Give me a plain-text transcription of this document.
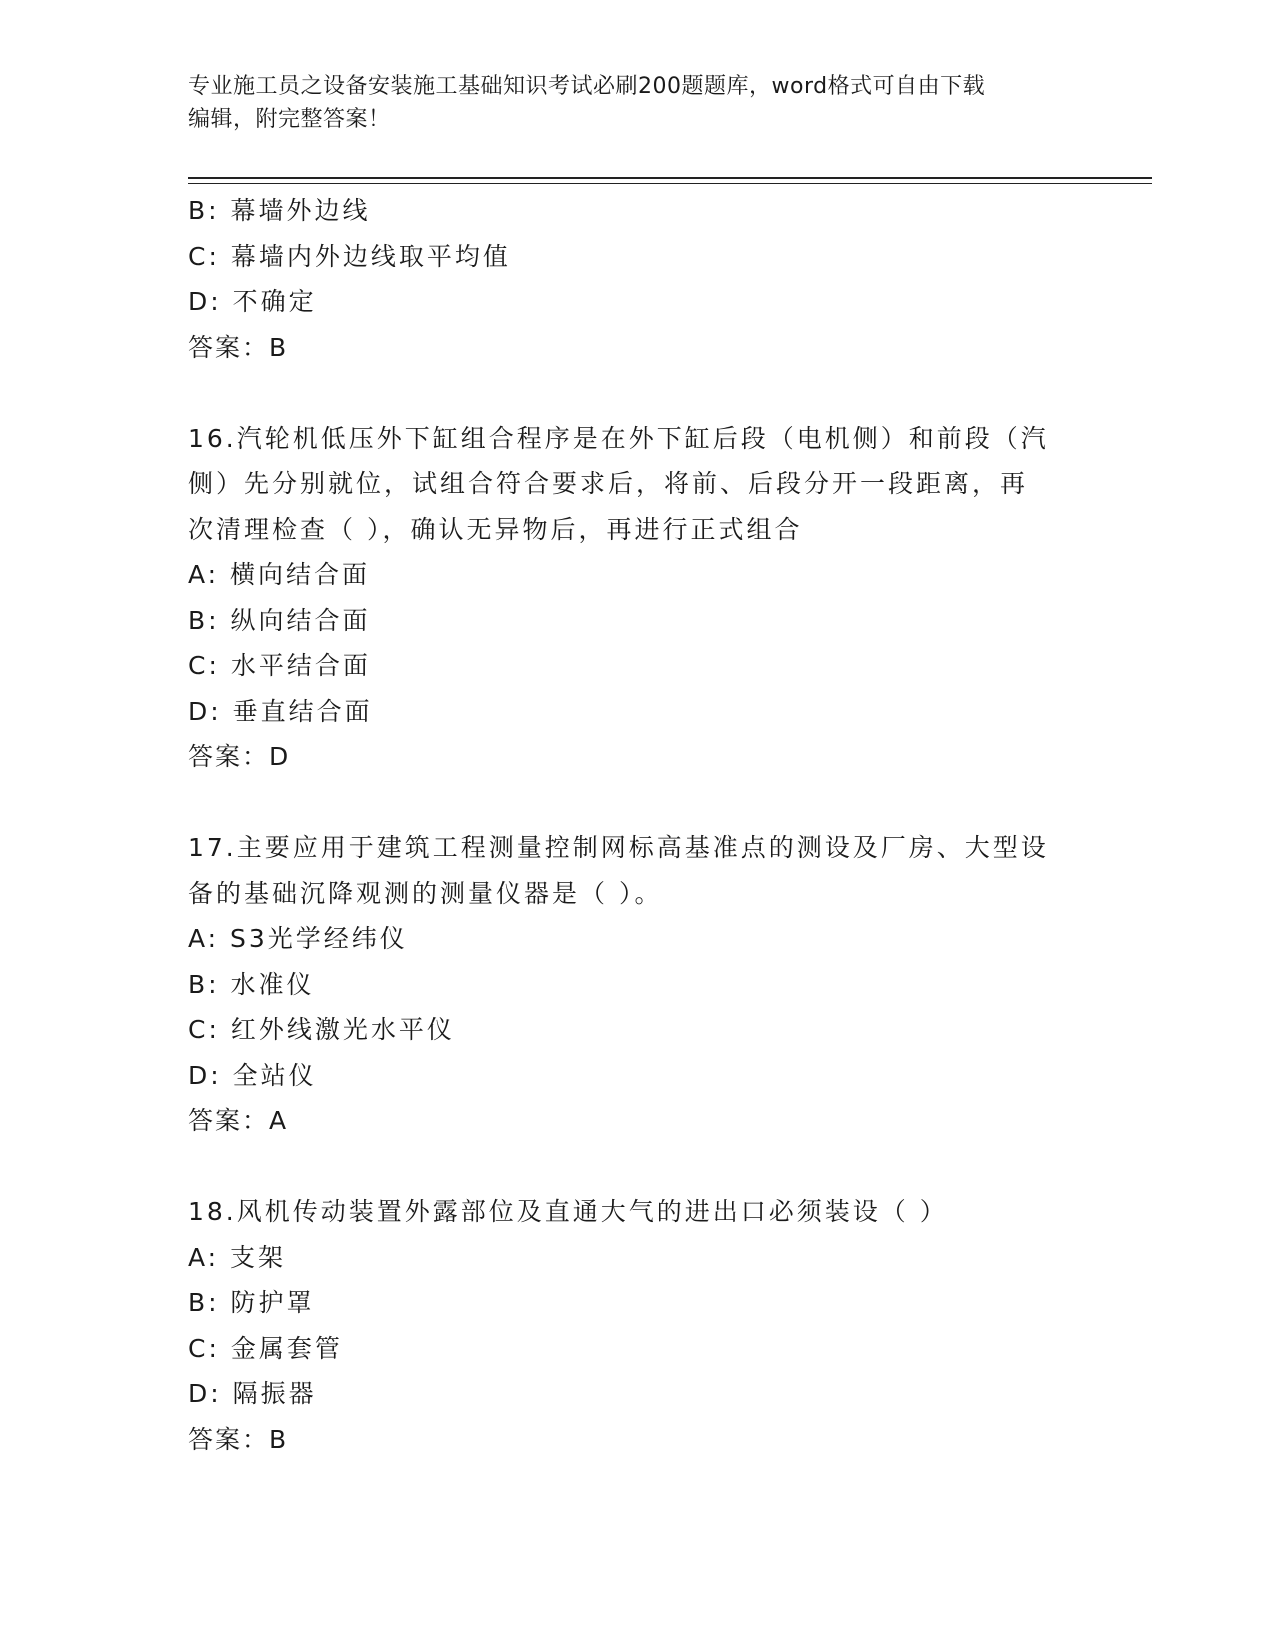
专业施工员之设备安装施工基础知识考试必刷200题题库，word格式可自由下载
编辑，附完整答案！
B: 幕墙外边线
C: 幕墙内外边线取平均值
D: 不确定
答案：B
16.汽轮机低压外下缸组合程序是在外下缸后段（电机侧）和前段（汽
侧）先分别就位，试组合符合要求后，将前、后段分开一段距离，再
次清理检查（ ），确认无异物后，再进行正式组合
A: 横向结合面
B: 纵向结合面
C: 水平结合面
D: 垂直结合面
答案：D
17.主要应用于建筑工程测量控制网标高基准点的测设及厂房、大型设
备的基础沉降观测的测量仪器是（ ）。
A: S3光学经纬仪
B: 水准仪
C: 红外线激光水平仪
D: 全站仪
答案：A
18.风机传动装置外露部位及直通大气的进出口必须装设（ ）
A: 支架
B: 防护罩
C: 金属套管
D: 隔振器
答案：B
